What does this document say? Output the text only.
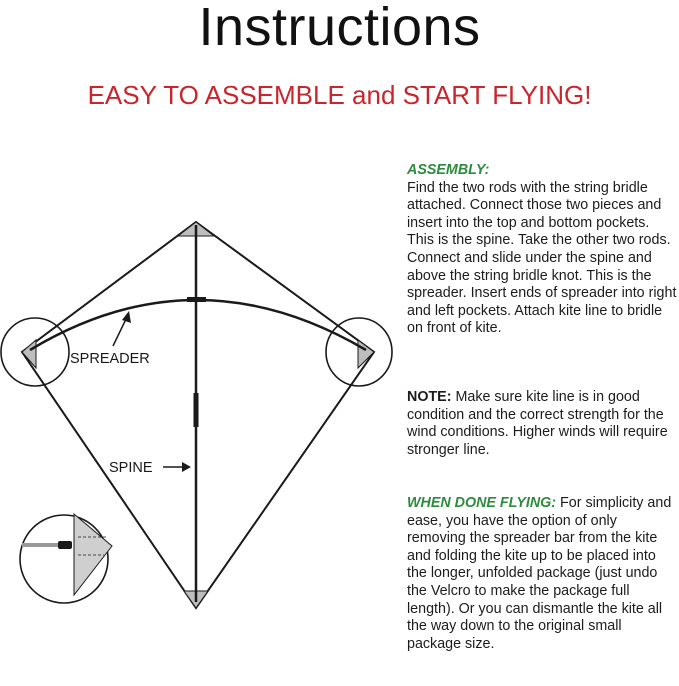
Instructions
EASY TO ASSEMBLE and START FLYING!
SPREADER
SPINE
ASSEMBLY:
Find the two rods with the string bridle attached. Connect those two pieces and insert into the top and bottom pockets. This is the spine. Take the other two rods. Connect and slide under the spine and above the string bridle knot. This is the spreader. Insert ends of spreader into right and left pockets. Attach kite line to bridle on front of kite.
NOTE: Make sure kite line is in good condition and the correct strength for the wind conditions. Higher winds will require stronger line.
WHEN DONE FLYING: For simplicity and ease, you have the option of only removing the spreader bar from the kite and folding the kite up to be placed into the longer, unfolded package (just undo the Velcro to make the package full length). Or you can dismantle the kite all the way down to the original small package size.
